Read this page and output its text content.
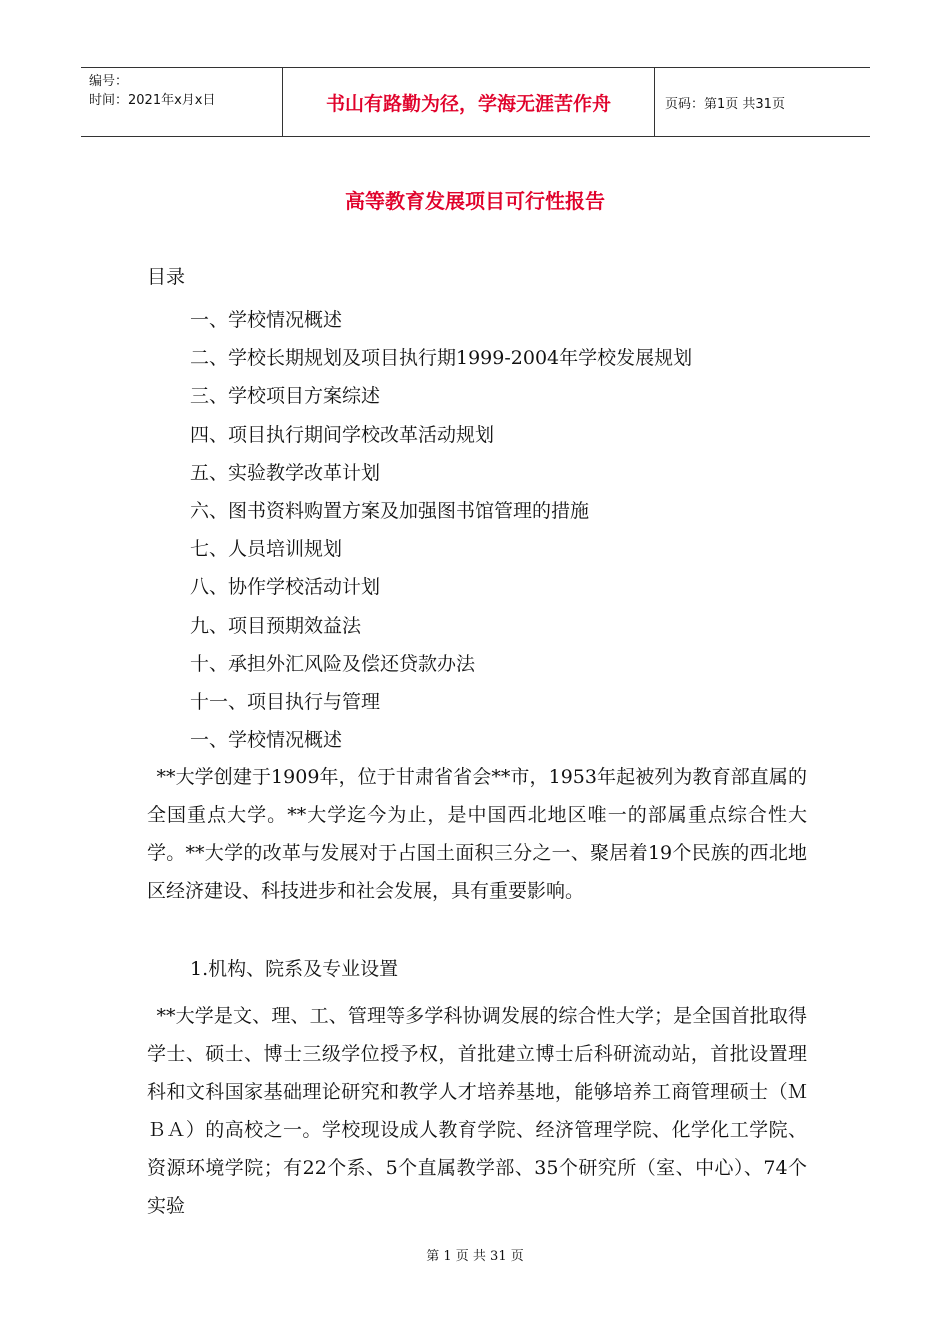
编号：
时间：2021年x月x日	书山有路勤为径，学海无涯苦作舟	页码：第1页 共31页
高等教育发展项目可行性报告
目录
一、学校情况概述
二、学校长期规划及项目执行期1999-2004年学校发展规划
三、学校项目方案综述
四、项目执行期间学校改革活动规划
五、实验教学改革计划
六、图书资料购置方案及加强图书馆管理的措施
七、人员培训规划
八、协作学校活动计划
九、项目预期效益法
十、承担外汇风险及偿还贷款办法
十一、项目执行与管理
一、学校情况概述
**大学创建于1909年，位于甘肃省省会**市，1953年起被列为教育部直属的全国重点大学。**大学迄今为止，是中国西北地区唯一的部属重点综合性大学。**大学的改革与发展对于占国土面积三分之一、聚居着19个民族的西北地区经济建设、科技进步和社会发展，具有重要影响。
1.机构、院系及专业设置
**大学是文、理、工、管理等多学科协调发展的综合性大学；是全国首批取得学士、硕士、博士三级学位授予权，首批建立博士后科研流动站，首批设置理科和文科国家基础理论研究和教学人才培养基地，能够培养工商管理硕士（ＭＢＡ）的高校之一。学校现设成人教育学院、经济管理学院、化学化工学院、资源环境学院；有22个系、5个直属教学部、35个研究所（室、中心）、74个实验
第 1 页 共 31 页
